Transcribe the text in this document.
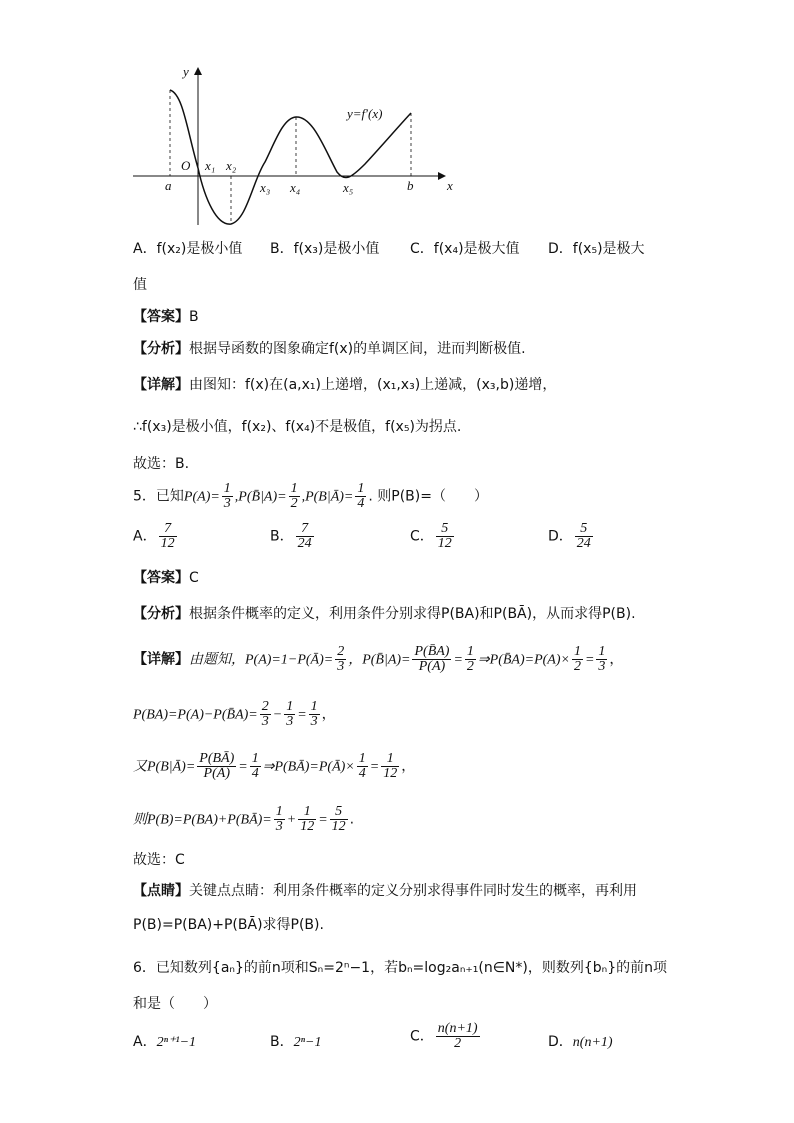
y
x
O
y=f′(x)
a
x₁ x₂
x₃ x₄	x₅	b
A．f(x₂)是极小值 B．f(x₃)是极小值 C．f(x₄)是极大值 D．f(x₅)是极大
值
【答案】B
【分析】根据导函数的图象确定f(x)的单调区间，进而判断极值.
【详解】由图知：f(x)在(a,x₁)上递增，(x₁,x₃)上递减，(x₃,b)递增，
∴f(x₃)是极小值，f(x₂)、f(x₄)不是极值，f(x₅)为拐点.
故选：B.
5．已知$P(A)= \frac{1}{3}$ ,P(B̄|A)= $\frac{1}{2}$ ,P(B|Ā)= $\frac{1}{4}$ . 则P(B)=（　　）
A． $\frac{7}{12}$	B． $\frac{7}{24}$	C． $\frac{5}{12}$	D． $\frac{5}{24}$
【答案】C
【分析】根据条件概率的定义，利用条件分别求得P(BA)和P(BĀ)，从而求得P(B).
【详解】由题知，P(A)=1−P(Ā)= $\frac{2}{3}$ ，P(B̄|A)= $\frac{P(B̄A)}{P(A)} = \frac{1}{2}$ ⇒P(B̄A)=P(A)× $\frac{1}{2} = \frac{1}{3}$ ，
P(BA)=P(A)−P(B̄A)= $\frac{2}{3} - \frac{1}{3} = \frac{1}{3}$ ，
又P(B|Ā)= $\frac{P(BĀ)}{P(Ā)} = \frac{1}{4}$ ⇒P(BĀ)=P(Ā)× $\frac{1}{4} = \frac{1}{12}$ ，
则P(B)=P(BA)+P(BĀ)= $\frac{1}{3} + \frac{1}{12} = \frac{5}{12}$ .
故选：C
【点睛】关键点点睛：利用条件概率的定义分别求得事件同时发生的概率，再利用
P(B)=P(BA)+P(BĀ)求得P(B).
6．已知数列{aₙ}的前n项和Sₙ=2ⁿ−1，若bₙ=log₂aₙ₊₁(n∈N*)，则数列{bₙ}的前n项
和是（　　）
A．2ⁿ⁺¹−1	B．2ⁿ−1	C． $\frac{n(n+1)}{2}$	D．n(n+1)
